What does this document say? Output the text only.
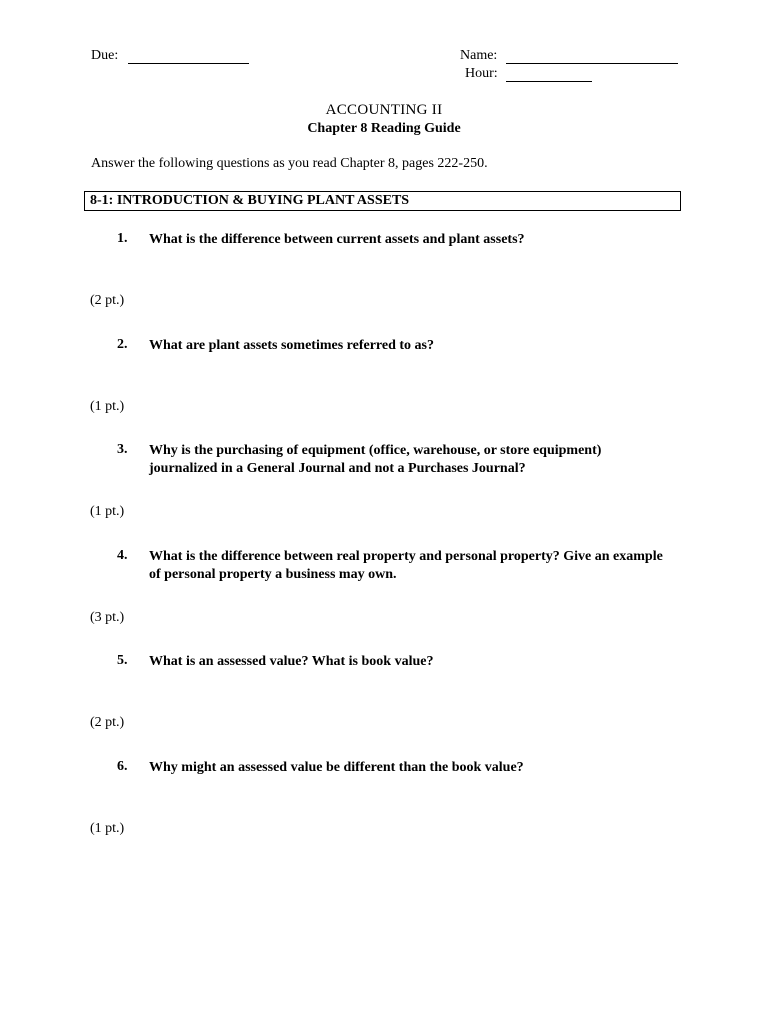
Due:	Name:
Hour:
ACCOUNTING II
Chapter 8 Reading Guide
Answer the following questions as you read Chapter 8, pages 222-250.
8-1: INTRODUCTION & BUYING PLANT ASSETS
1. What is the difference between current assets and plant assets?
(2 pt.)
2. What are plant assets sometimes referred to as?
(1 pt.)
3. Why is the purchasing of equipment (office, warehouse, or store equipment) journalized in a General Journal and not a Purchases Journal?
(1 pt.)
4. What is the difference between real property and personal property? Give an example of personal property a business may own.
(3 pt.)
5. What is an assessed value? What is book value?
(2 pt.)
6. Why might an assessed value be different than the book value?
(1 pt.)
